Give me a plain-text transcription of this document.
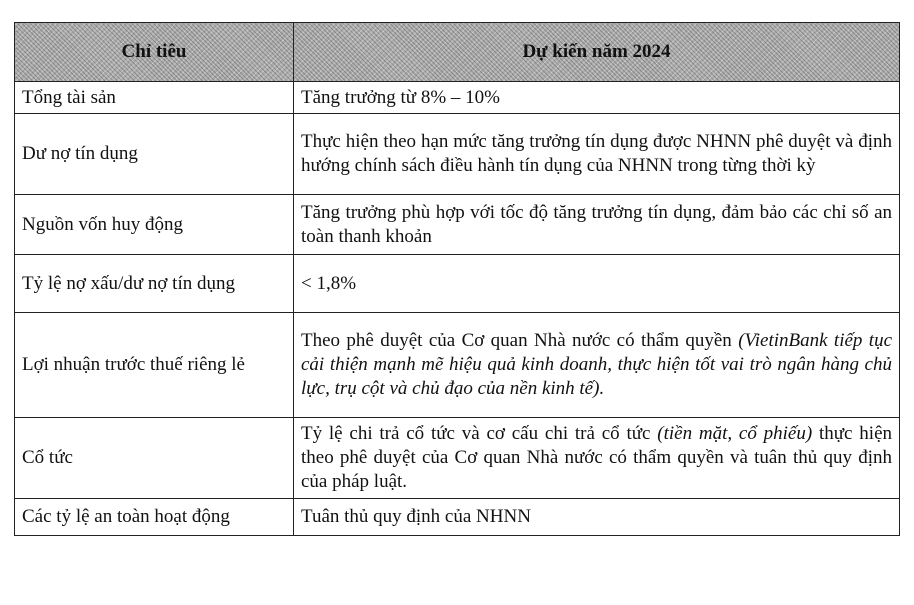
Chỉ tiêu	Dự kiến năm 2024
Tổng tài sản	Tăng trưởng từ 8% – 10%
Dư nợ tín dụng	Thực hiện theo hạn mức tăng trưởng tín dụng được NHNN phê duyệt và định hướng chính sách điều hành tín dụng của NHNN trong từng thời kỳ
Nguồn vốn huy động	Tăng trưởng phù hợp với tốc độ tăng trưởng tín dụng, đảm bảo các chỉ số an toàn thanh khoản
Tỷ lệ nợ xấu/dư nợ tín dụng	< 1,8%
Lợi nhuận trước thuế riêng lẻ	Theo phê duyệt của Cơ quan Nhà nước có thẩm quyền (VietinBank tiếp tục cải thiện mạnh mẽ hiệu quả kinh doanh, thực hiện tốt vai trò ngân hàng chủ lực, trụ cột và chủ đạo của nền kinh tế).
Cổ tức	Tỷ lệ chi trả cổ tức và cơ cấu chi trả cổ tức (tiền mặt, cổ phiếu) thực hiện theo phê duyệt của Cơ quan Nhà nước có thẩm quyền và tuân thủ quy định của pháp luật.
Các tỷ lệ an toàn hoạt động	Tuân thủ quy định của NHNN
